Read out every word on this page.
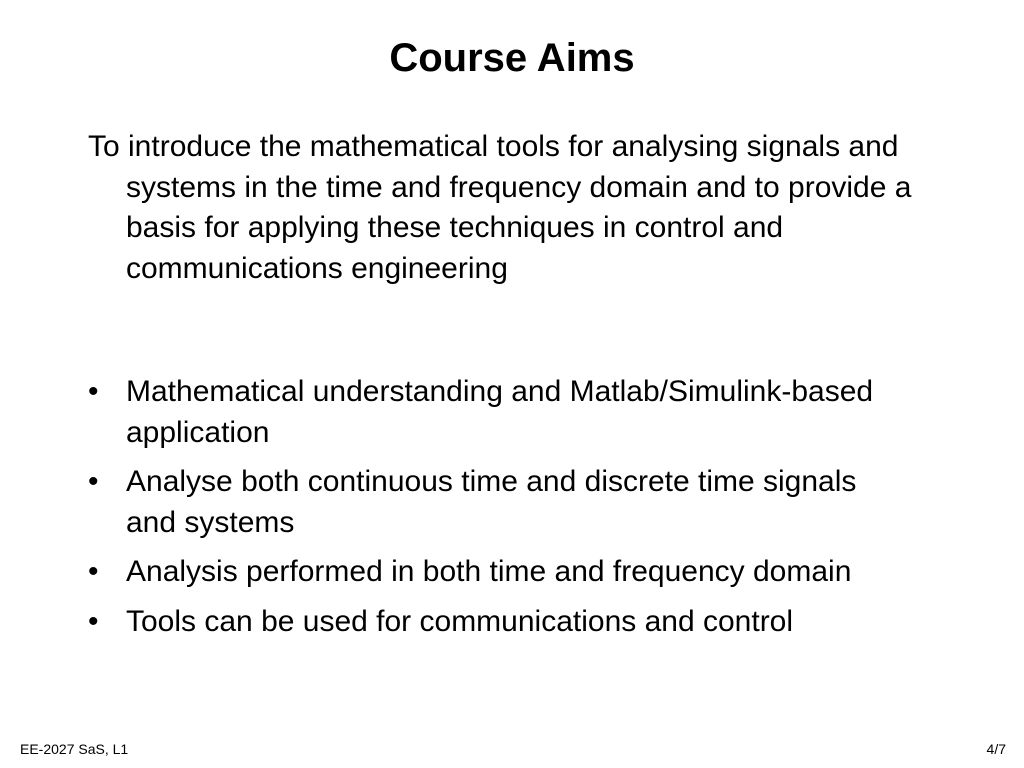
Course Aims

To introduce the mathematical tools for analysing signals and systems in the time and frequency domain and to provide a basis for applying these techniques in control and communications engineering

• Mathematical understanding and Matlab/Simulink-based application
• Analyse both continuous time and discrete time signals and systems
• Analysis performed in both time and frequency domain
• Tools can be used for communications and control
EE-2027 SaS, L1	4/7
